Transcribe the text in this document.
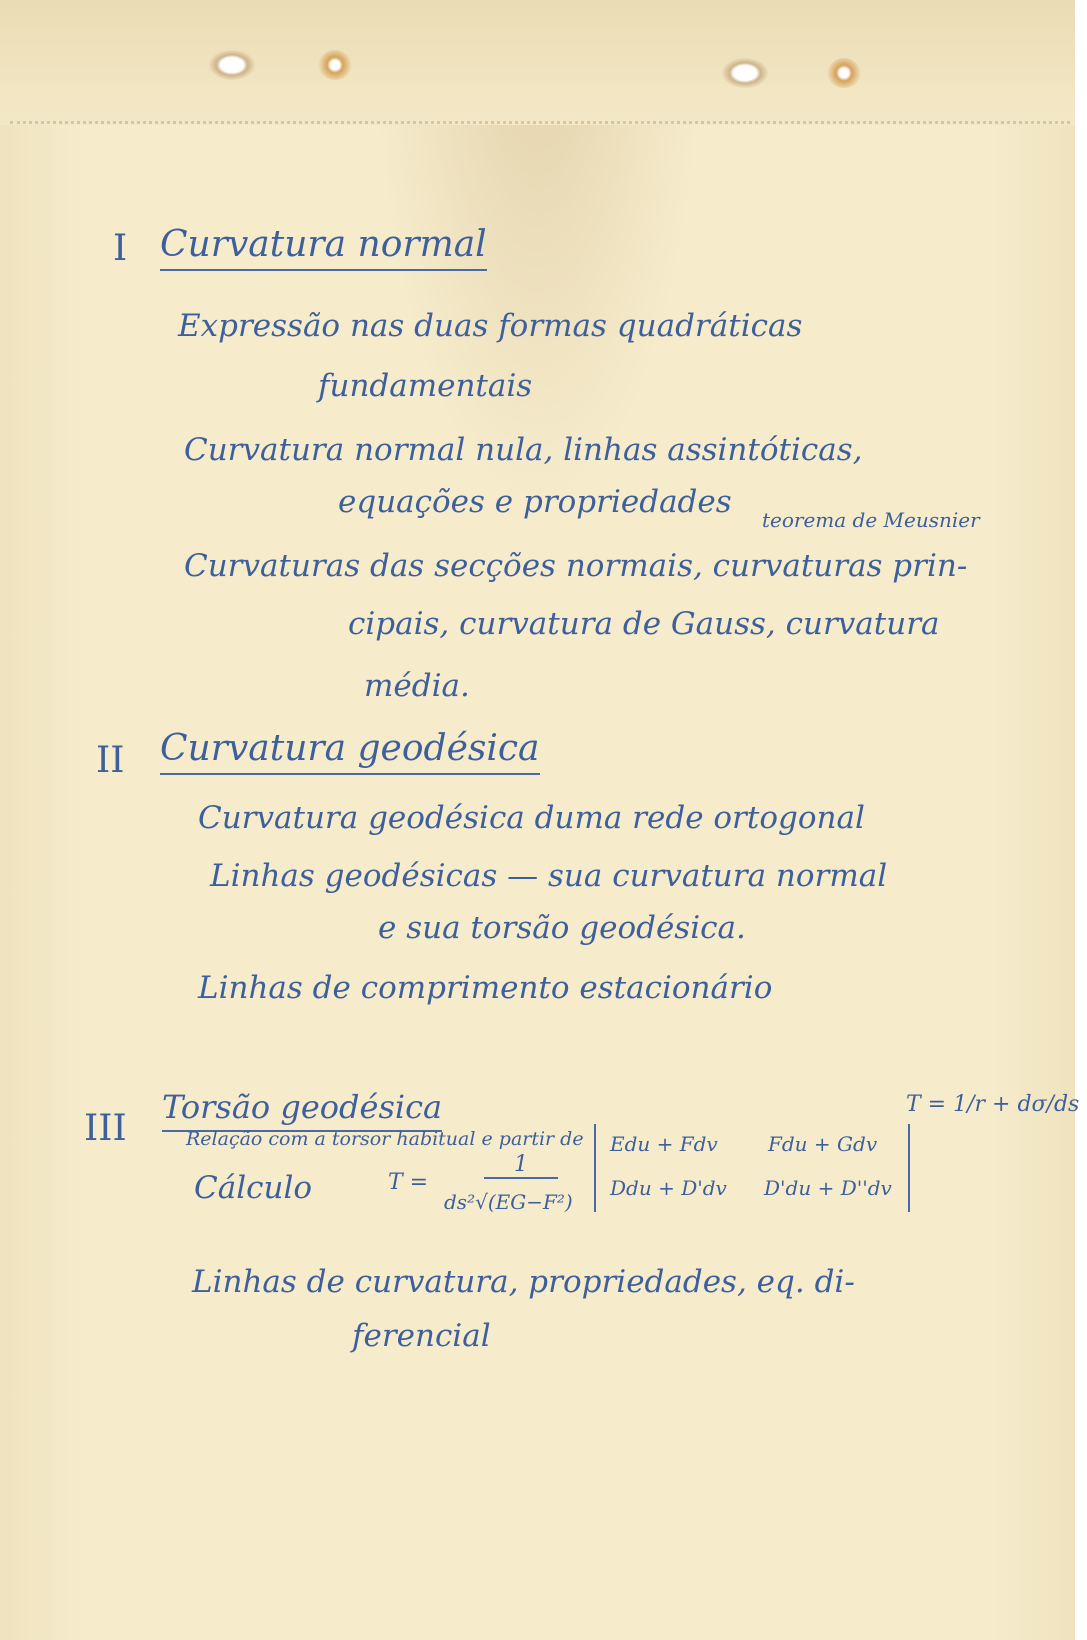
I Curvatura normal
Expressão nas duas formas quadráticas
fundamentais
Curvatura normal nula, linhas assintóticas,
equações e propriedades teorema de Meusnier
Curvaturas das secções normais, curvaturas prin-
cipais, curvatura de Gauss, curvatura
média.
II Curvatura geodésica
Curvatura geodésica duma rede ortogonal
Linhas geodésicas — sua curvatura normal
e sua torsão geodésica.
Linhas de comprimento estacionário
III
Torsão geodésica
Relação com a torsor habitual e partir de
T = 1/r + dσ/ds
Cálculo	T =
1
ds²√(EG−F²)
Edu + Fdv	Fdu + Gdv
Ddu + D'dv D'du + D''dv
Linhas de curvatura, propriedades, eq. di-
ferencial
